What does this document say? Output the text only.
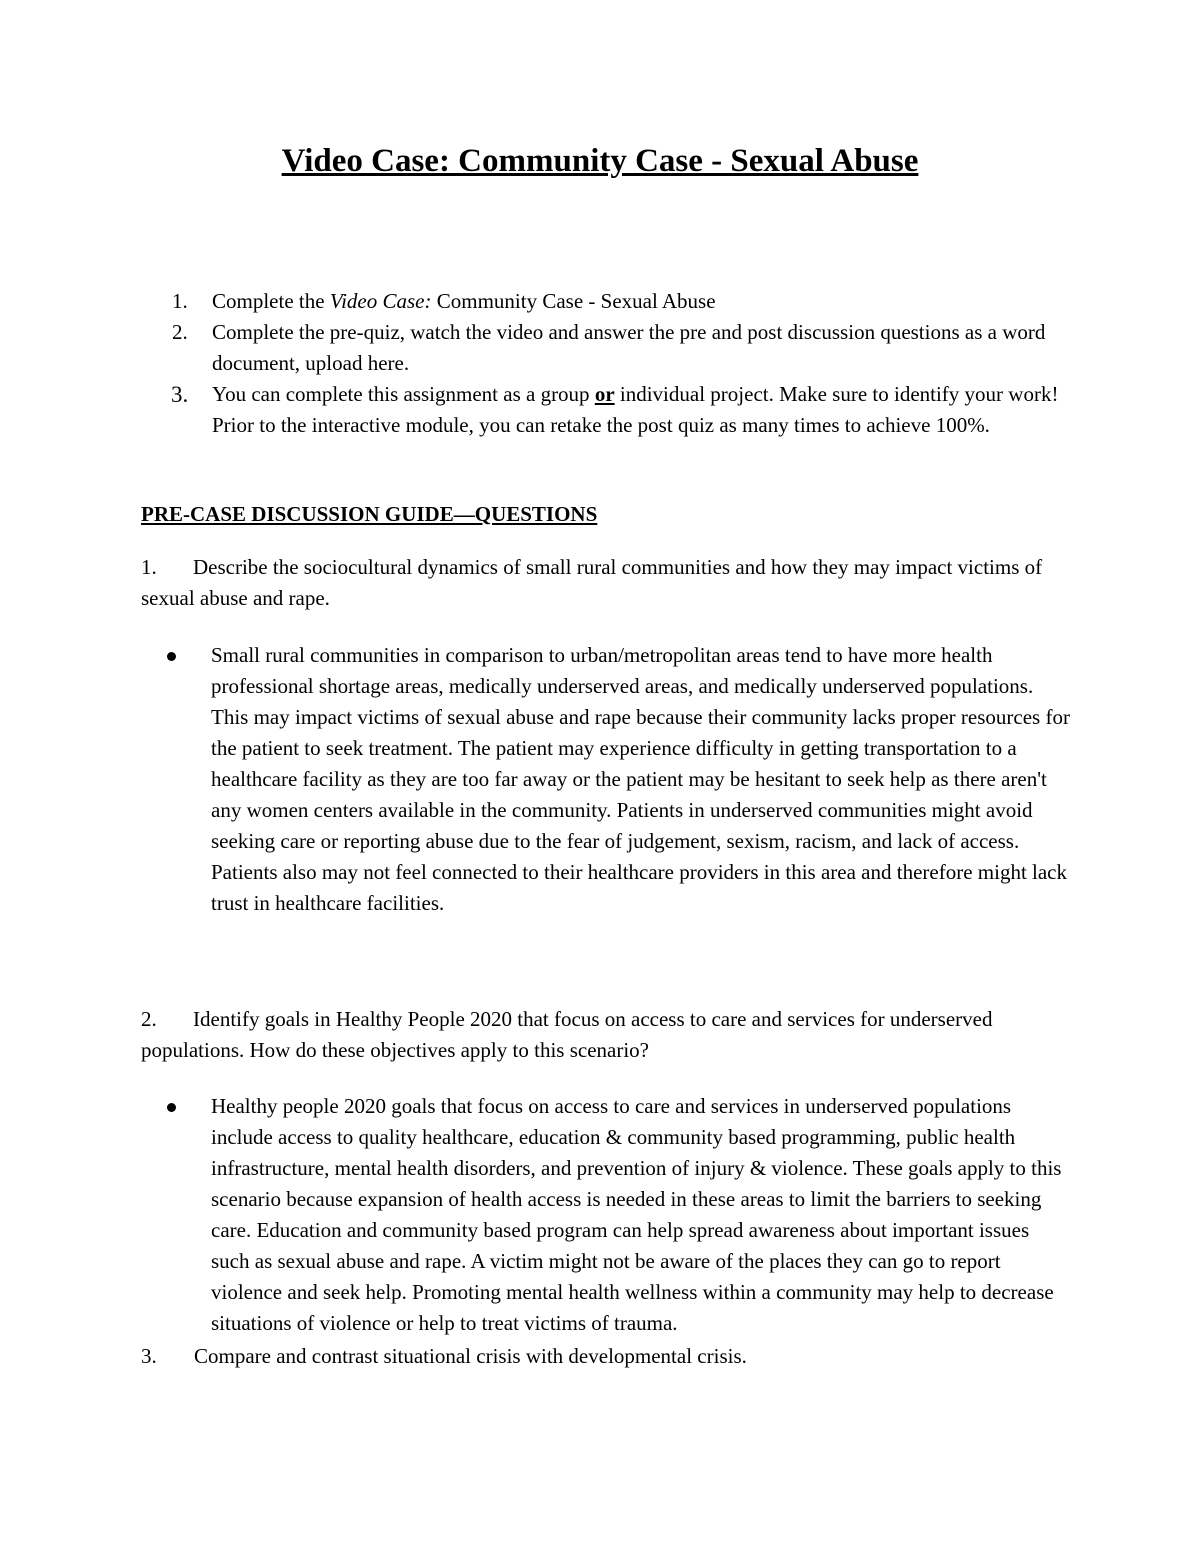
Video Case: Community Case - Sexual Abuse
1. Complete the Video Case: Community Case - Sexual Abuse
2. Complete the pre-quiz, watch the video and answer the pre and post discussion questions as a word document, upload here.
3. You can complete this assignment as a group or individual project. Make sure to identify your work! Prior to the interactive module, you can retake the post quiz as many times to achieve 100%.
PRE-CASE DISCUSSION GUIDE—QUESTIONS

1. Describe the sociocultural dynamics of small rural communities and how they may impact victims of sexual abuse and rape.

Small rural communities in comparison to urban/metropolitan areas tend to have more health professional shortage areas, medically underserved areas, and medically underserved populations. This may impact victims of sexual abuse and rape because their community lacks proper resources for the patient to seek treatment. The patient may experience difficulty in getting transportation to a healthcare facility as they are too far away or the patient may be hesitant to seek help as there aren't any women centers available in the community. Patients in underserved communities might avoid seeking care or reporting abuse due to the fear of judgement, sexism, racism, and lack of access. Patients also may not feel connected to their healthcare providers in this area and therefore might lack trust in healthcare facilities.

2. Identify goals in Healthy People 2020 that focus on access to care and services for underserved populations. How do these objectives apply to this scenario?

Healthy people 2020 goals that focus on access to care and services in underserved populations include access to quality healthcare, education & community based programming, public health infrastructure, mental health disorders, and prevention of injury & violence. These goals apply to this scenario because expansion of health access is needed in these areas to limit the barriers to seeking care. Education and community based program can help spread awareness about important issues such as sexual abuse and rape. A victim might not be aware of the places they can go to report violence and seek help. Promoting mental health wellness within a community may help to decrease situations of violence or help to treat victims of trauma.

3. Compare and contrast situational crisis with developmental crisis.
